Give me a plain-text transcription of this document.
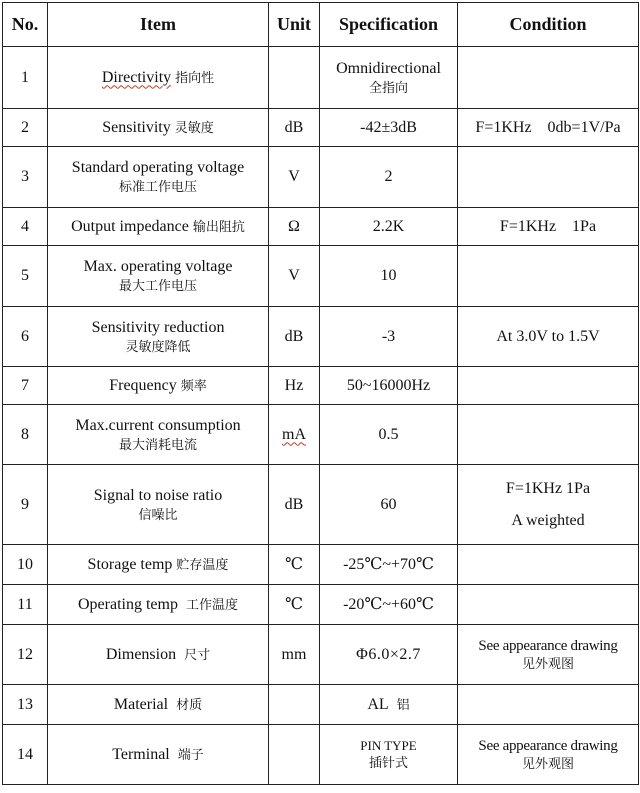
No.	Item	Unit	Specification	Condition
1	Directivity 指向性		Omnidirectional
全指向	

2	Sensitivity 灵敏度	dB	-42±3dB	F=1KHz    0db=1V/Pa
3	Standard operating voltage
标准工作电压	V	2	
4	Output impedance 输出阻抗	Ω	2.2K	F=1KHz    1Pa
5	Max. operating voltage
最大工作电压	V	10	
6	Sensitivity reduction
灵敏度降低	dB	-3	At 3.0V to 1.5V
7	Frequency 频率	Hz	50~16000Hz	
8	Max.current consumption
最大消耗电流	mA	0.5	
9	Signal to noise ratio
信噪比	dB	60	F=1KHz 1Pa
A weighted

10	Storage temp 贮存温度	℃	-25℃~+70℃	
11	Operating temp 工作温度	℃	-20℃~+60℃	
12	Dimension 尺寸	mm	Φ6.0×2.7	See appearance drawing
见外观图

13	Material 材质		AL 铝	
14	Terminal 端子		PIN TYPE
插针式	See appearance drawing
见外观图
